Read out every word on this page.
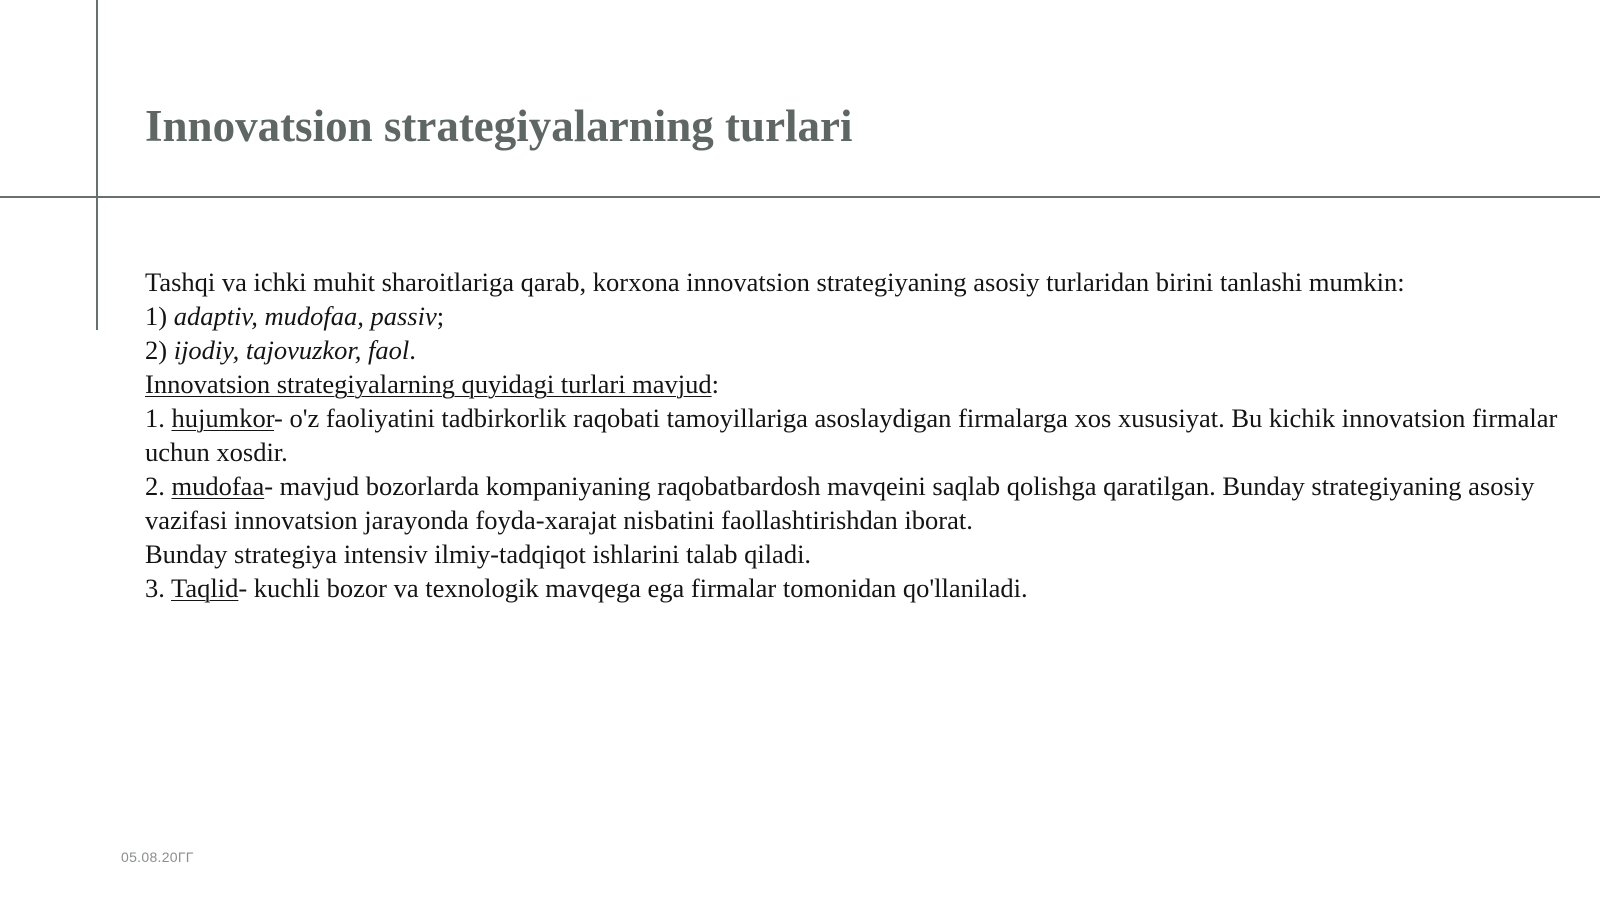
Innovatsion strategiyalarning turlari

Tashqi va ichki muhit sharoitlariga qarab, korxona innovatsion strategiyaning asosiy turlaridan birini tanlashi mumkin:

1) adaptiv, mudofaa, passiv;

2) ijodiy, tajovuzkor, faol.

Innovatsion strategiyalarning quyidagi turlari mavjud:

1. hujumkor- o'z faoliyatini tadbirkorlik raqobati tamoyillariga asoslaydigan firmalarga xos xususiyat. Bu kichik innovatsion firmalar uchun xosdir.

2. mudofaa- mavjud bozorlarda kompaniyaning raqobatbardosh mavqeini saqlab qolishga qaratilgan. Bunday strategiyaning asosiy vazifasi innovatsion jarayonda foyda-xarajat nisbatini faollashtirishdan iborat.

Bunday strategiya intensiv ilmiy-tadqiqot ishlarini talab qiladi.

3. Taqlid- kuchli bozor va texnologik mavqega ega firmalar tomonidan qo'llaniladi.

05.08.20ГГ
